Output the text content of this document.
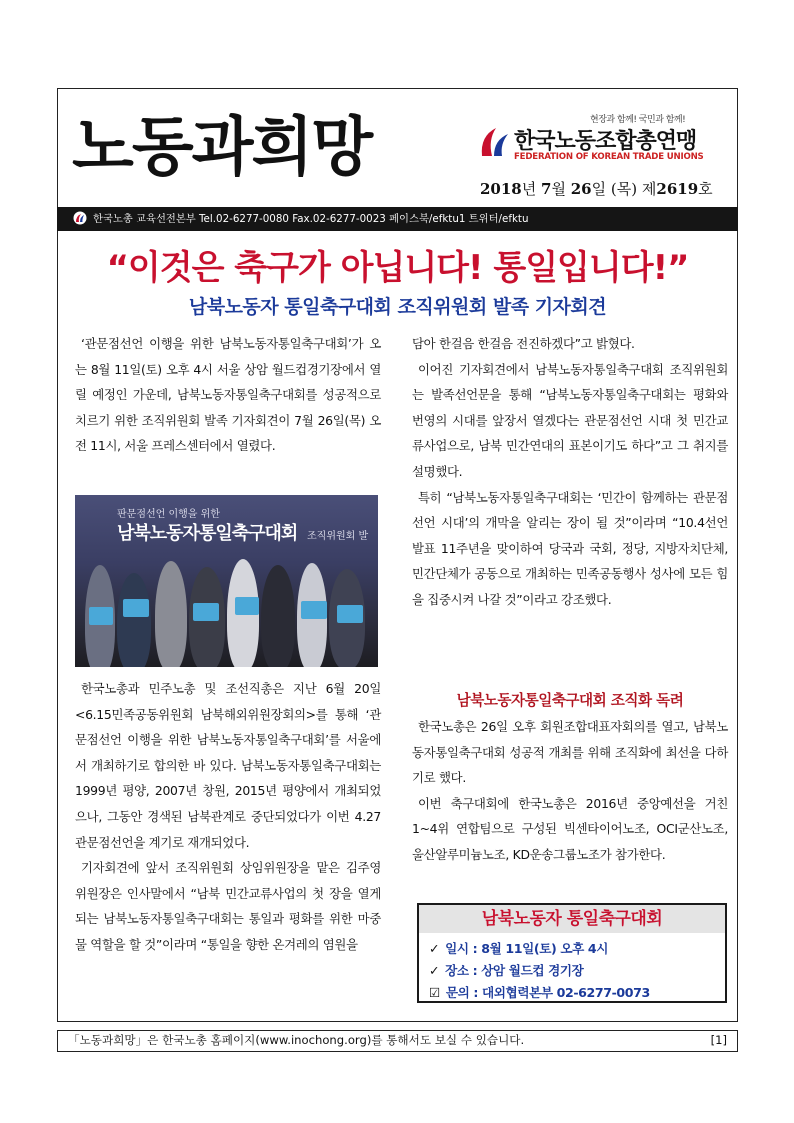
노동과희망	현장과 함께! 국민과 함께!
한국노동조합총연맹
FEDERATION OF KOREAN TRADE UNIONS
2018년 7월 26일 (목) 제2619호
한국노총 교육선전본부 Tel.02-6277-0080 Fax.02-6277-0023 페이스북/efktu1 트위터/efktu
“이것은 축구가 아닙니다! 통일입니다!”
남북노동자 통일축구대회 조직위원회 발족 기자회견

‘관문점선언 이행을 위한 남북노동자통일축구대회’가 오는 8월 11일(토) 오후 4시 서울 상암 월드컵경기장에서 열릴 예정인 가운데, 남북노동자통일축구대회를 성공적으로 치르기 위한 조직위원회 발족 기자회견이 7월 26일(목) 오전 11시, 서울 프레스센터에서 열렸다.

판문점선언 이행을 위한
남북노동자통일축구대회 조직위원회 발

한국노총과 민주노총 및 조선직총은 지난 6월 20일 <6.15민족공동위원회 남북해외위원장회의>를 통해 ‘관문점선언 이행을 위한 남북노동자통일축구대회’를 서울에서 개최하기로 합의한 바 있다. 남북노동자통일축구대회는 1999년 평양, 2007년 창원, 2015년 평양에서 개최되었으나, 그동안 경색된 남북관계로 중단되었다가 이번 4.27 관문점선언을 계기로 재개되었다.

기자회견에 앞서 조직위원회 상임위원장을 맡은 김주영 위원장은 인사말에서 “남북 민간교류사업의 첫 장을 열게 되는 남북노동자통일축구대회는 통일과 평화를 위한 마중물 역할을 할 것”이라며 “통일을 향한 온겨레의 염원을

담아 한걸음 한걸음 전진하겠다”고 밝혔다.

이어진 기자회견에서 남북노동자통일축구대회 조직위원회는 발족선언문을 통해 “남북노동자통일축구대회는 평화와 번영의 시대를 앞장서 열겠다는 관문점선언 시대 첫 민간교류사업으로, 남북 민간연대의 표본이기도 하다”고 그 취지를 설명했다.

특히 “남북노동자통일축구대회는 ‘민간이 함께하는 관문점선언 시대’의 개막을 알리는 장이 될 것”이라며 “10.4선언 발표 11주년을 맞이하여 당국과 국회, 정당, 지방자치단체, 민간단체가 공동으로 개최하는 민족공동행사 성사에 모든 힘을 집중시켜 나갈 것”이라고 강조했다.

남북노동자통일축구대회 조직화 독려

한국노총은 26일 오후 회원조합대표자회의를 열고, 남북노동자통일축구대회 성공적 개최를 위해 조직화에 최선을 다하기로 했다.

이번 축구대회에 한국노총은 2016년 중앙예선을 거친 1~4위 연합팀으로 구성된 빅센타이어노조, OCI군산노조, 울산알루미늄노조, KD운송그룹노조가 참가한다.

남북노동자 통일축구대회
✓ 일시 : 8월 11일(토) 오후 4시
✓ 장소 : 상암 월드컵 경기장
☑ 문의 : 대외협력본부 02-6277-0073
「노동과희망」은 한국노총 홈페이지(www.inochong.org)를 통해서도 보실 수 있습니다.	[1]
